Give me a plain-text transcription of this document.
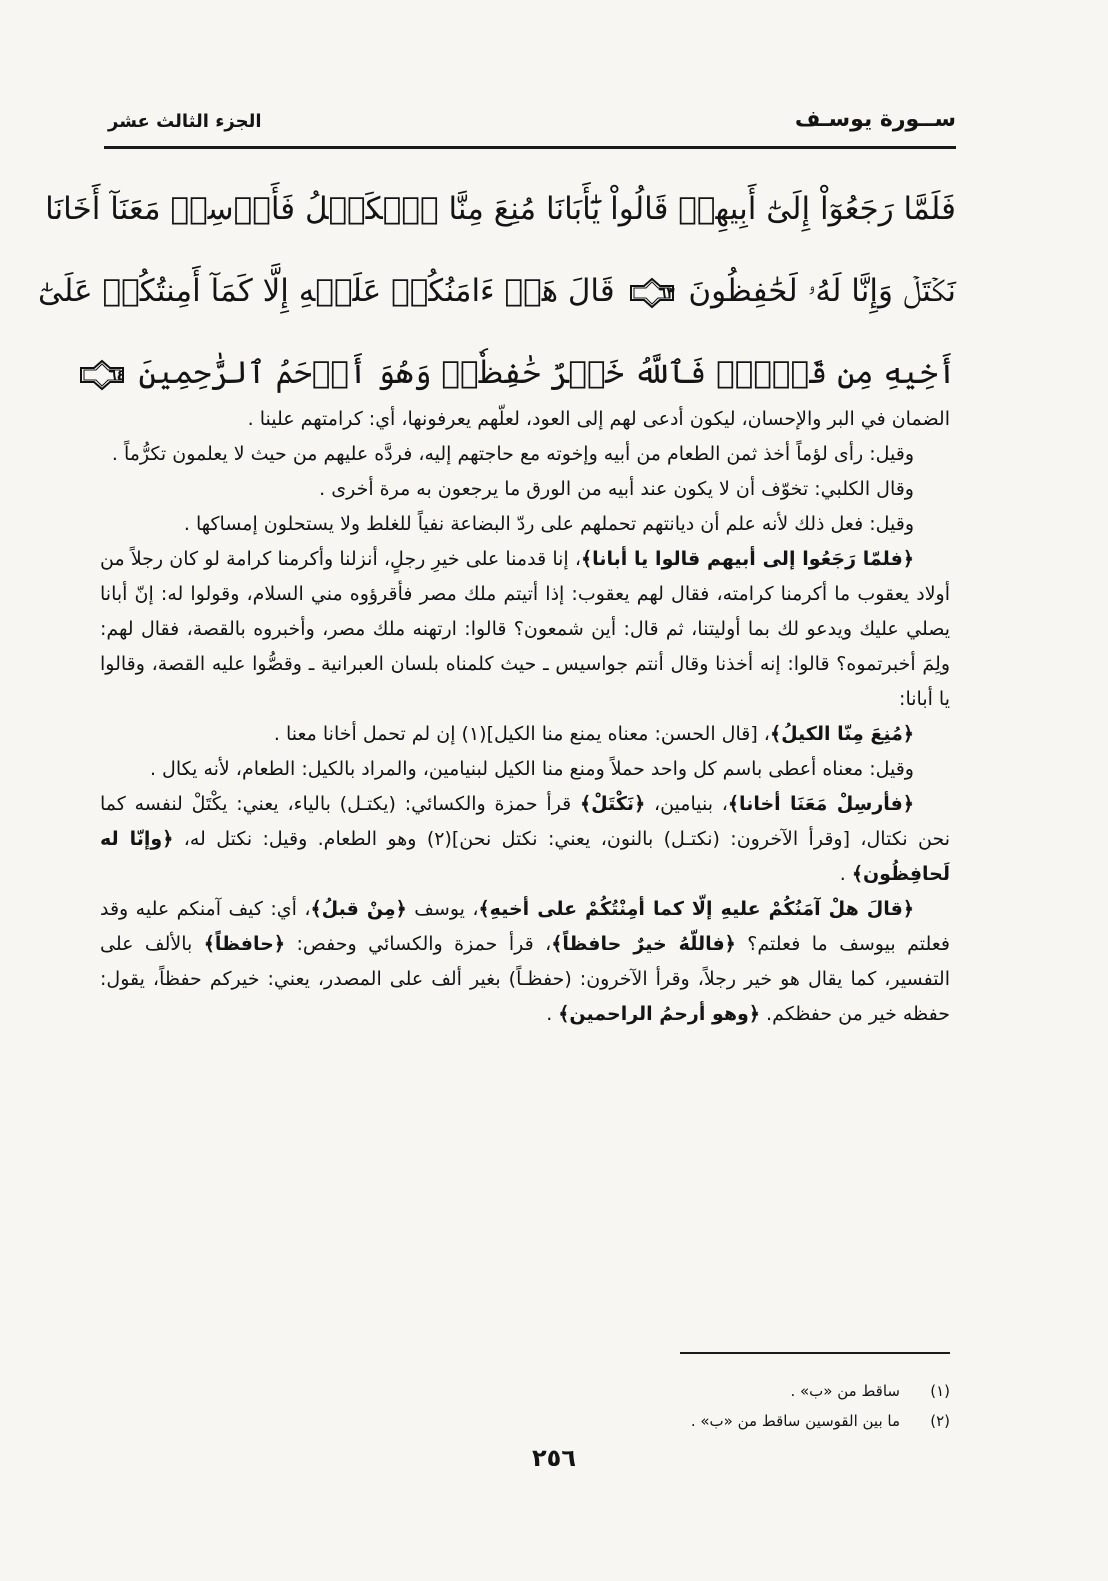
ســورة يوسـف
الجزء الثالث عشر
فَلَمَّا رَجَعُوٓاْ إِلَىٰٓ أَبِيهِمۡ قَالُواْ يَٰٓأَبَانَا مُنِعَ مِنَّا ٱلۡكَيۡلُ فَأَرۡسِلۡ مَعَنَآ أَخَانَا
نَكۡتَلۡ وَإِنَّا لَهُۥ لَحَٰفِظُونَ
٦٣
قَالَ هَلۡ ءَامَنُكُمۡ عَلَيۡهِ إِلَّا كَمَآ أَمِنتُكُمۡ عَلَىٰٓ
أَخِيهِ مِن قَبۡلُۖ فَٱللَّهُ خَيۡرٌ حَٰفِظٗاۖ وَهُوَ أَرۡحَمُ ٱلرَّٰحِمِينَ
٦٤

الضمان في البر والإحسان، ليكون أدعى لهم إلى العود، لعلّهم يعرفونها، أي: كرامتهم علينا .

وقيل: رأى لؤماً أخذ ثمن الطعام من أبيه وإخوته مع حاجتهم إليه، فردَّه عليهم من حيث لا يعلمون تكرُّماً .

وقال الكلبي: تخوّف أن لا يكون عند أبيه من الورق ما يرجعون به مرة أخرى .

وقيل: فعل ذلك لأنه علم أن ديانتهم تحملهم على ردّ البضاعة نفياً للغلط ولا يستحلون إمساكها .

﴿فلمّا رَجَعُوا إلى أبيهم قالوا يا أبانا﴾، إنا قدمنا على خيرِ رجلٍ، أنزلنا وأكرمنا كرامة لو كان رجلاً من أولاد يعقوب ما أكرمنا كرامته، فقال لهم يعقوب: إذا أتيتم ملك مصر فأقرؤوه مني السلام، وقولوا له: إنّ أبانا يصلي عليك ويدعو لك بما أوليتنا، ثم قال: أين شمعون؟ قالوا: ارتهنه ملك مصر، وأخبروه بالقصة، فقال لهم: ولِمَ أخبرتموه؟ قالوا: إنه أخذنا وقال أنتم جواسيس ـ حيث كلمناه بلسان العبرانية ـ وقصُّوا عليه القصة، وقالوا يا أبانا:

﴿مُنِعَ مِنّا الكيلُ﴾، [قال الحسن: معناه يمنع منا الكيل](١) إن لم تحمل أخانا معنا .

وقيل: معناه أعطى باسم كل واحد حملاً ومنع منا الكيل لبنيامين، والمراد بالكيل: الطعام، لأنه يكال .

﴿فأرسِلْ مَعَنَا أخانا﴾، بنيامين، ﴿نَكْتَلْ﴾ قرأ حمزة والكسائي: (يكتـل) بالياء، يعني: يكْتَلْ لنفسه كما نحن نكتال، [وقرأ الآخرون: (نكتـل) بالنون، يعني: نكتل نحن](٢) وهو الطعام. وقيل: نكتل له، ﴿وإنّا له لَحافِظُون﴾ .

﴿قالَ هلْ آمَنُكُمْ عليهِ إلّا كما أمِنْتُكُمْ على أخيهِ﴾، يوسف ﴿مِنْ قبلُ﴾، أي: كيف آمنكم عليه وقد فعلتم بيوسف ما فعلتم؟ ﴿فاللّهُ خيرٌ حافظاً﴾، قرأ حمزة والكسائي وحفص: ﴿حافظاً﴾ بالألف على التفسير، كما يقال هو خير رجلاً، وقرأ الآخرون: (حفظـاً) بغير ألف على المصدر، يعني: خيركم حفظاً، يقول: حفظه خير من حفظكم. ﴿وهو أرحمُ الراحمين﴾ .

(١)
ساقط من «ب» .
(٢)
ما بين القوسين ساقط من «ب» .
٢٥٦
